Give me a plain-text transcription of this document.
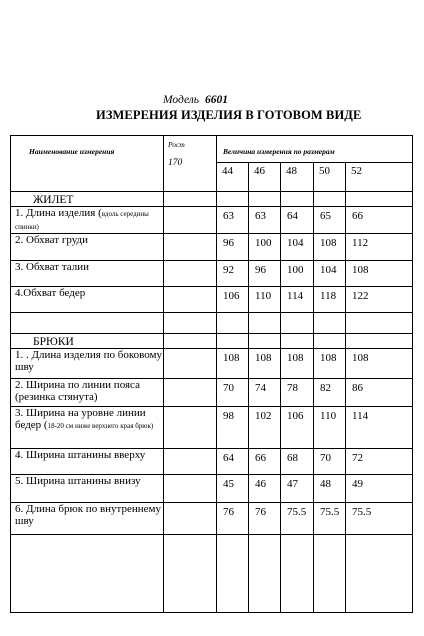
Модель 6601
ИЗМЕРЕНИЯ ИЗДЕЛИЯ В ГОТОВОМ ВИДЕ
Наименование измерения	Рост
170	Величина измерения по размерам				
		44	46	48	50	52
ЖИЛЕТ						
1. Длина изделия (вдоль середины спинки)		63	63	64	65	66
2. Обхват груди		96	100	104	108	112
3. Обхват талии		92	96	100	104	108
4.Обхват бедер		106	110	114	118	122

БРЮКИ						
1. . Длина изделия по боковому шву		108	108	108	108	108
2. Ширина по линии пояса (резинка стянута)		70	74	78	82	86
3. Ширина на уровне линии бедер (18-20 см ниже верхнего края брюк)		98	102	106	110	114
4. Ширина штанины вверху		64	66	68	70	72
5. Ширина штанины внизу		45	46	47	48	49
6. Длина брюк по внутреннему шву		76	76	75.5	75.5	75.5
